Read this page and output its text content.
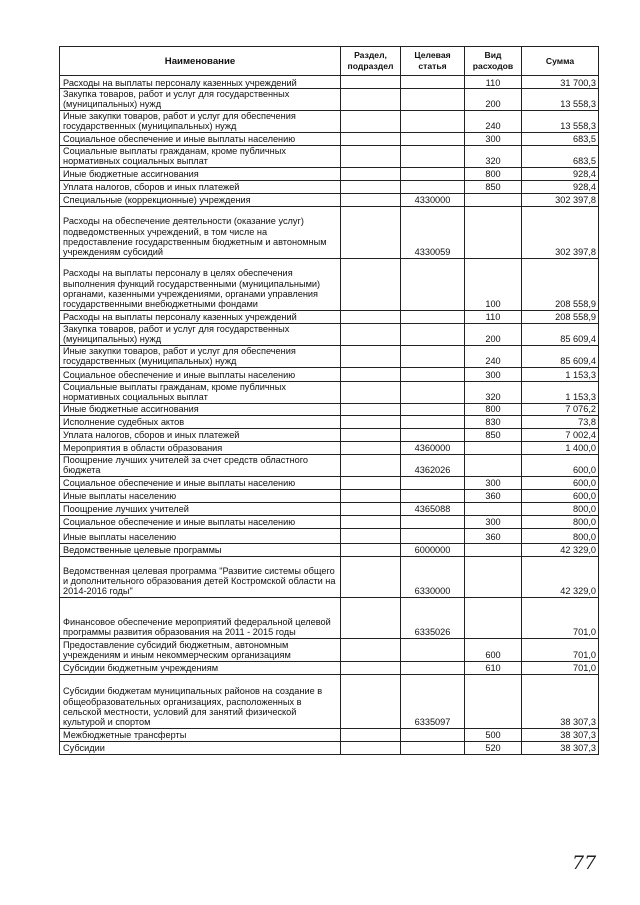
Наименование	Раздел, подраздел	Целевая статья	Вид расходов	Сумма
Расходы на выплаты персоналу казенных учреждений			110	31 700,3
Закупка товаров, работ и услуг для государственных (муниципальных) нужд			200	13 558,3
Иные закупки товаров, работ и услуг для обеспечения государственных (муниципальных) нужд			240	13 558,3
Социальное обеспечение и иные выплаты населению			300	683,5
Социальные выплаты гражданам, кроме публичных нормативных социальных выплат			320	683,5
Иные бюджетные ассигнования			800	928,4
Уплата налогов, сборов и иных платежей			850	928,4
Специальные (коррекционные) учреждения		4330000		302 397,8
Расходы на обеспечение деятельности (оказание услуг) подведомственных учреждений, в том числе на предоставление государственным бюджетным и автономным учреждениям субсидий		4330059		302 397,8
Расходы на выплаты персоналу в целях обеспечения выполнения функций государственными (муниципальными) органами, казенными учреждениями, органами управления государственными внебюджетными фондами			100	208 558,9
Расходы на выплаты персоналу казенных учреждений			110	208 558,9
Закупка товаров, работ и услуг для государственных (муниципальных) нужд			200	85 609,4
Иные закупки товаров, работ и услуг для обеспечения государственных (муниципальных) нужд			240	85 609,4
Социальное обеспечение и иные выплаты населению			300	1 153,3
Социальные выплаты гражданам, кроме публичных нормативных социальных выплат			320	1 153,3
Иные бюджетные ассигнования			800	7 076,2
Исполнение судебных актов			830	73,8
Уплата налогов, сборов и иных платежей			850	7 002,4
Мероприятия в области образования		4360000		1 400,0
Поощрение лучших учителей за счет средств областного бюджета		4362026		600,0
Социальное обеспечение и иные выплаты населению			300	600,0
Иные выплаты населению			360	600,0
Поощрение лучших учителей		4365088		800,0
Социальное обеспечение и иные выплаты населению			300	800,0
Иные выплаты населению			360	800,0
Ведомственные целевые программы		6000000		42 329,0
Ведомственная целевая программа "Развитие системы общего и дополнительного образования детей Костромской области на 2014-2016 годы"		6330000		42 329,0
Финансовое обеспечение мероприятий федеральной целевой программы развития образования на 2011 - 2015 годы		6335026		701,0
Предоставление субсидий бюджетным, автономным учреждениям и иным некоммерческим организациям			600	701,0
Субсидии бюджетным учреждениям			610	701,0
Субсидии бюджетам муниципальных районов на создание в общеобразовательных организациях, расположенных в сельской местности, условий для занятий физической культурой и спортом		6335097		38 307,3
Межбюджетные трансферты			500	38 307,3
Субсидии			520	38 307,3
77
